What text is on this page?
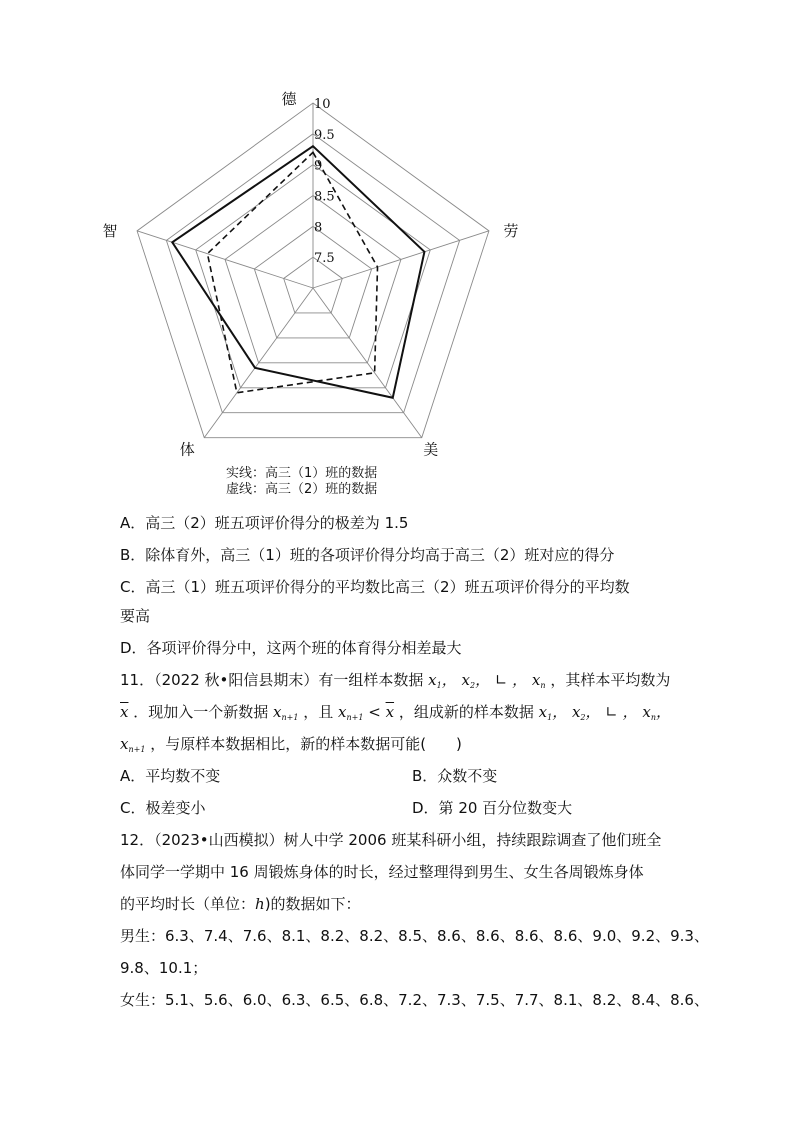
7.5
8
8.5
9
9.5
10
德
劳
美
体
智
实线：高三（1）班的数据
虚线：高三（2）班的数据
A．高三（2）班五项评价得分的极差为 1.5
B．除体育外，高三（1）班的各项评价得分均高于高三（2）班对应的得分
C．高三（1）班五项评价得分的平均数比高三（2）班五项评价得分的平均数
要高
D．各项评价得分中，这两个班的体育得分相差最大
11．（2022 秋•阳信县期末）有一组样本数据 $x_1$， $x_2$， ∟ ， $x_n$ ，其样本平均数为
$\overline{x}$ ．现加入一个新数据 $x_{n+1}$ ，且 $x_{n+1} < \overline{x}$ ，组成新的样本数据 $x_1$， $x_2$， ∟ ， $x_n$，
$x_{n+1}$ ，与原样本数据相比，新的样本数据可能(　　)
A．平均数不变	B．众数不变
C．极差变小	D．第 20 百分位数变大
12．（2023•山西模拟）树人中学 2006 班某科研小组，持续跟踪调查了他们班全
体同学一学期中 16 周锻炼身体的时长，经过整理得到男生、女生各周锻炼身体
的平均时长（单位：h)的数据如下：
男生：6.3、7.4、7.6、8.1、8.2、8.2、8.5、8.6、8.6、8.6、8.6、9.0、9.2、9.3、
9.8、10.1；
女生：5.1、5.6、6.0、6.3、6.5、6.8、7.2、7.3、7.5、7.7、8.1、8.2、8.4、8.6、
